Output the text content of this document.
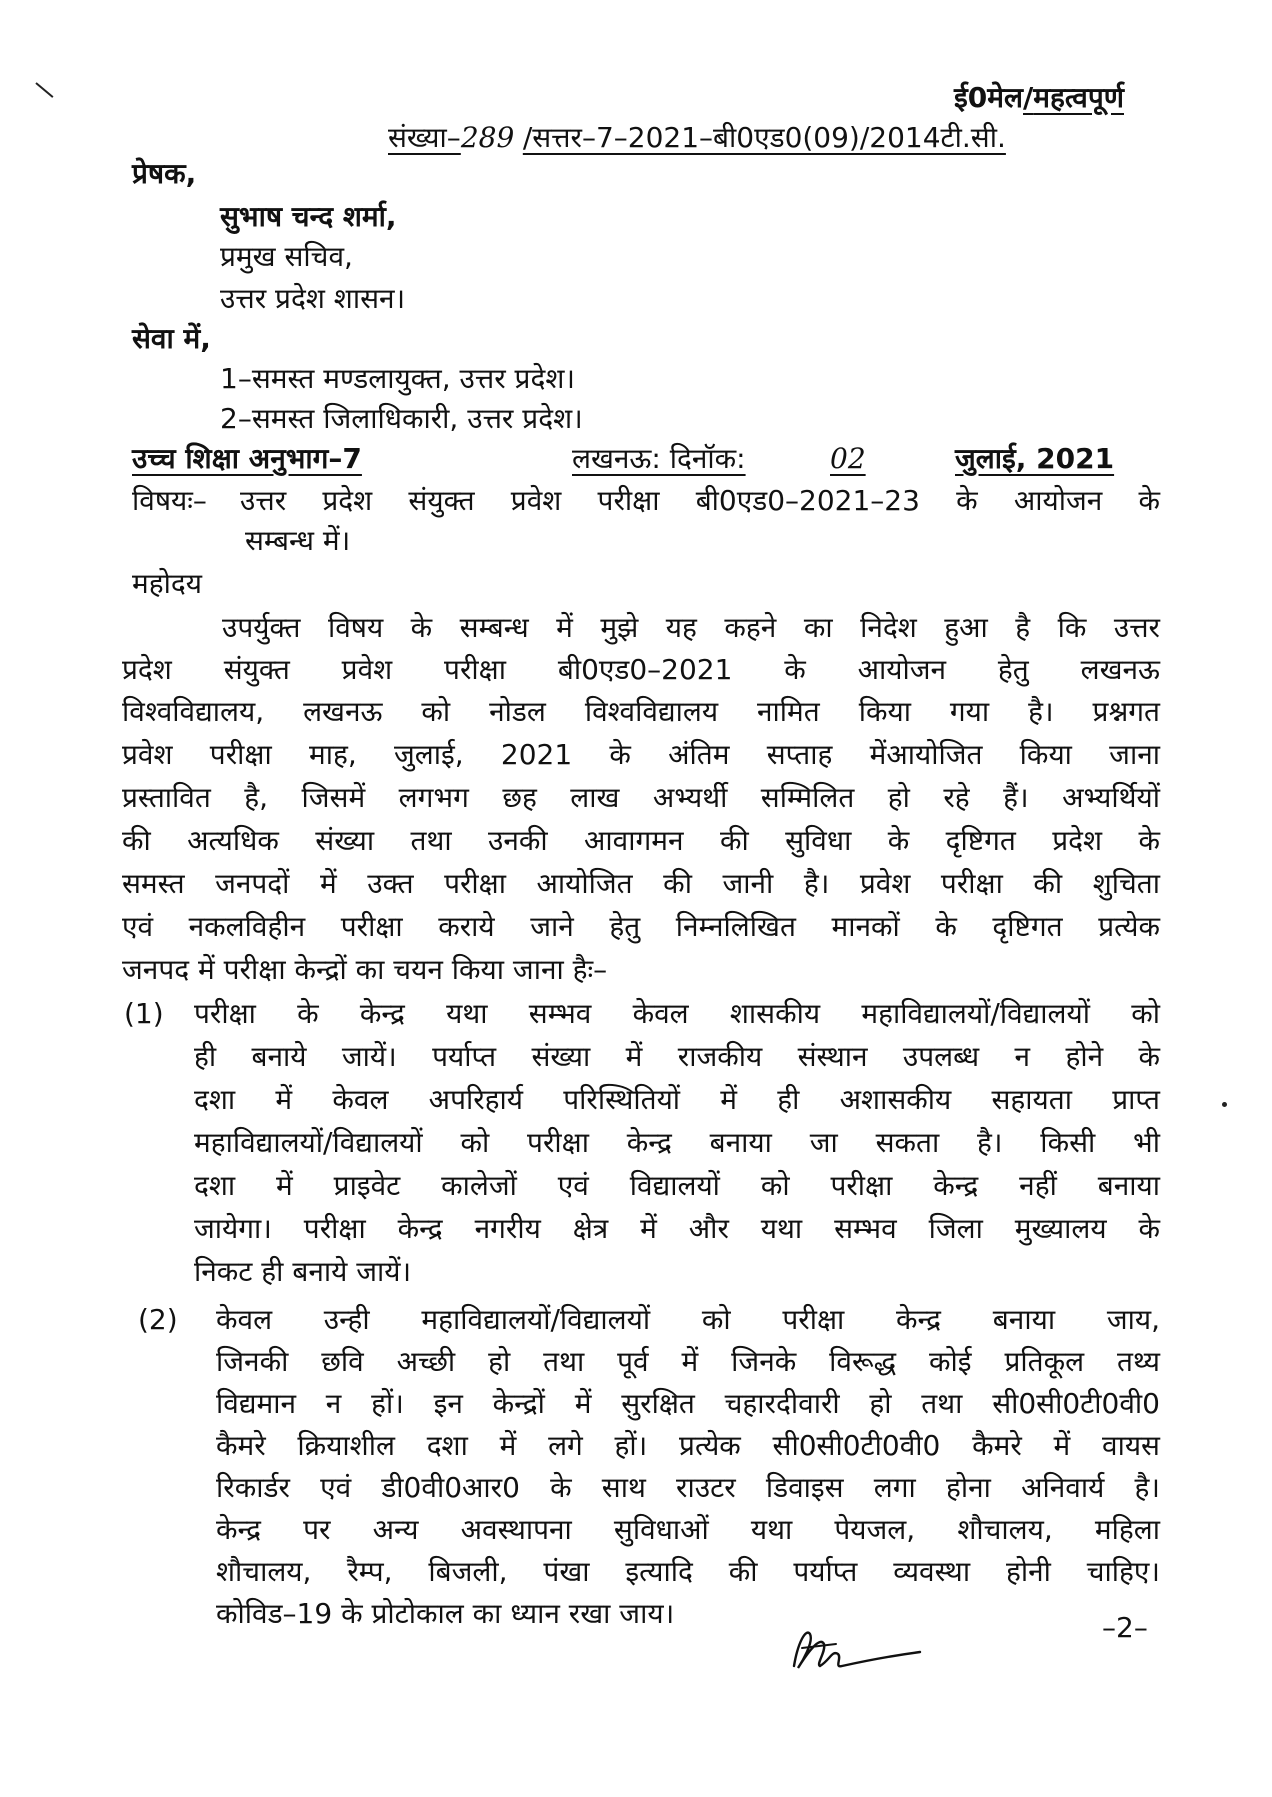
ई0मेल/महत्वपूर्ण
संख्या–289 /सत्तर–7–2021–बी0एड0(09)/2014टी.सी.
प्रेषक,
सुभाष चन्द शर्मा,
प्रमुख सचिव,
उत्तर प्रदेश शासन।
सेवा में,
1–समस्त मण्डलायुक्त, उत्तर प्रदेश।
2–समस्त जिलाधिकारी, उत्तर प्रदेश।
उच्च शिक्षा अनुभाग–7	लखनऊ: दिनॉक:	02	जुलाई, 2021
विषयः– उत्तर प्रदेश संयुक्त प्रवेश परीक्षा बी0एड0–2021–23 के आयोजन के
सम्बन्ध में।
महोदय
उपर्युक्त विषय के सम्बन्ध में मुझे यह कहने का निदेश हुआ है कि उत्तर
प्रदेश संयुक्त प्रवेश परीक्षा बी0एड0–2021 के आयोजन हेतु लखनऊ
विश्वविद्यालय, लखनऊ को नोडल विश्वविद्यालय नामित किया गया है। प्रश्नगत
प्रवेश परीक्षा माह, जुलाई, 2021 के अंतिम सप्ताह मेंआयोजित किया जाना
प्रस्तावित है, जिसमें लगभग छह लाख अभ्यर्थी सम्मिलित हो रहे हैं। अभ्यर्थियों
की अत्यधिक संख्या तथा उनकी आवागमन की सुविधा के दृष्टिगत प्रदेश के
समस्त जनपदों में उक्त परीक्षा आयोजित की जानी है। प्रवेश परीक्षा की शुचिता
एवं नकलविहीन परीक्षा कराये जाने हेतु निम्नलिखित मानकों के दृष्टिगत प्रत्येक
जनपद में परीक्षा केन्द्रों का चयन किया जाना हैः–
(1) परीक्षा के केन्द्र यथा सम्भव केवल शासकीय महाविद्यालयों/विद्यालयों को
ही बनाये जायें। पर्याप्त संख्या में राजकीय संस्थान उपलब्ध न होने के
दशा में केवल अपरिहार्य परिस्थितियों में ही अशासकीय सहायता प्राप्त
महाविद्यालयों/विद्यालयों को परीक्षा केन्द्र बनाया जा सकता है। किसी भी
दशा में प्राइवेट कालेजों एवं विद्यालयों को परीक्षा केन्द्र नहीं बनाया
जायेगा। परीक्षा केन्द्र नगरीय क्षेत्र में और यथा सम्भव जिला मुख्यालय के
निकट ही बनाये जायें।
(2) केवल उन्ही महाविद्यालयों/विद्यालयों को परीक्षा केन्द्र बनाया जाय,
जिनकी छवि अच्छी हो तथा पूर्व में जिनके विरूद्ध कोई प्रतिकूल तथ्य
विद्यमान न हों। इन केन्द्रों में सुरक्षित चहारदीवारी हो तथा सी0सी0टी0वी0
कैमरे क्रियाशील दशा में लगे हों। प्रत्येक सी0सी0टी0वी0 कैमरे में वायस
रिकार्डर एवं डी0वी0आर0 के साथ राउटर डिवाइस लगा होना अनिवार्य है।
केन्द्र पर अन्य अवस्थापना सुविधाओं यथा पेयजल, शौचालय, महिला
शौचालय, रैम्प, बिजली, पंखा इत्यादि की पर्याप्त व्यवस्था होनी चाहिए।
कोविड–19 के प्रोटोकाल का ध्यान रखा जाय।	–2–
